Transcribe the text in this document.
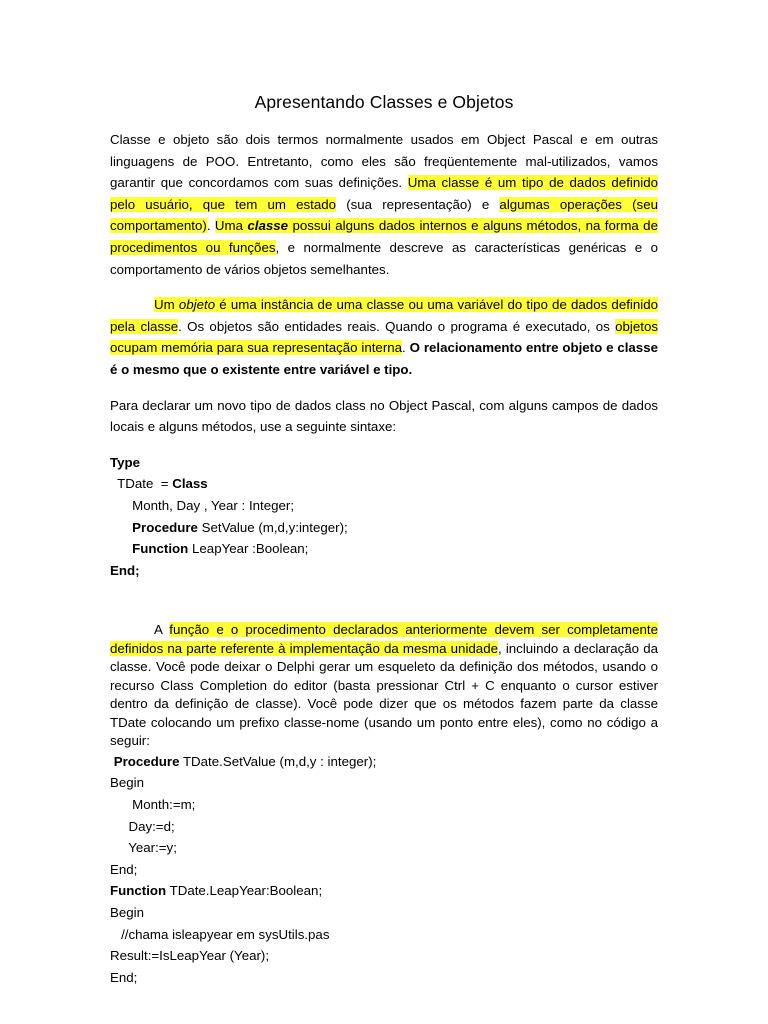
Apresentando Classes e Objetos

Classe e objeto são dois termos normalmente usados em Object Pascal e em outras linguagens de POO. Entretanto, como eles são freqüentemente mal-utilizados, vamos garantir que concordamos com suas definições. Uma classe é um tipo de dados definido pelo usuário, que tem um estado (sua representação) e algumas operações (seu comportamento). Uma classe possui alguns dados internos e alguns métodos, na forma de procedimentos ou funções, e normalmente descreve as características genéricas e o comportamento de vários objetos semelhantes.

Um objeto é uma instância de uma classe ou uma variável do tipo de dados definido pela classe. Os objetos são entidades reais. Quando o programa é executado, os objetos ocupam memória para sua representação interna. O relacionamento entre objeto e classe é o mesmo que o existente entre variável e tipo.

Para declarar um novo tipo de dados class no Object Pascal, com alguns campos de dados locais e alguns métodos, use a seguinte sintaxe:

Type
TDate  = Class
Month, Day , Year : Integer;
Procedure SetValue (m,d,y:integer);
Function LeapYear :Boolean;
End;

A função e o procedimento declarados anteriormente devem ser completamente definidos na parte referente à implementação da mesma unidade, incluindo a declaração da classe. Você pode deixar o Delphi gerar um esqueleto da definição dos métodos, usando o recurso Class Completion do editor (basta pressionar Ctrl + C enquanto o cursor estiver dentro da definição de classe). Você pode dizer que os métodos fazem parte da classe TDate colocando um prefixo classe-nome (usando um ponto entre eles), como no código a seguir:

Procedure TDate.SetValue (m,d,y : integer);
Begin
Month:=m;
Day:=d;
Year:=y;
End;
Function TDate.LeapYear:Boolean;
Begin
//chama isleapyear em sysUtils.pas
Result:=IsLeapYear (Year);
End;
